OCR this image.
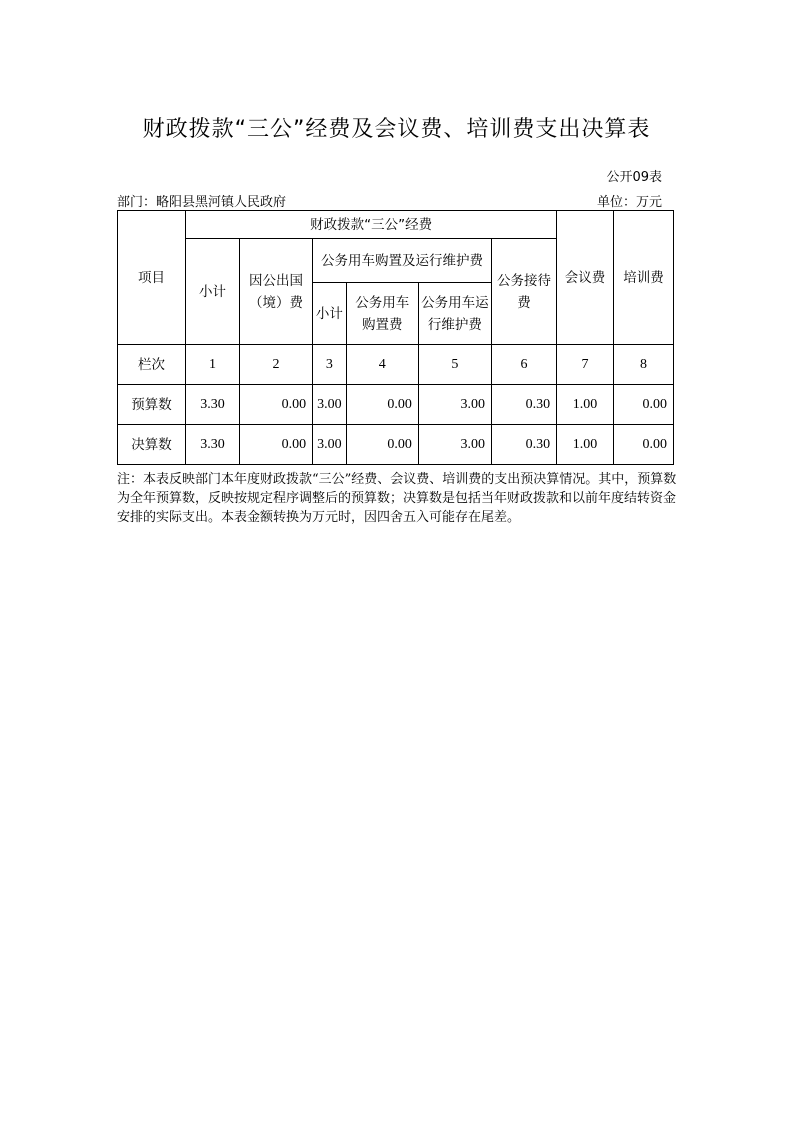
财政拨款“三公”经费及会议费、培训费支出决算表
公开09表
部门：略阳县黑河镇人民政府	单位：万元
项目	财政拨款“三公”经费						会议费	培训费
	小计	因公出国（境）费	公务用车购置及运行维护费			公务接待费		
			小计	公务用车购置费	公务用车运行维护费			
栏次	1	2	3	4	5	6	7	8
预算数	3.30	0.00	3.00	0.00	3.00	0.30	1.00	0.00
决算数	3.30	0.00	3.00	0.00	3.00	0.30	1.00	0.00
注：本表反映部门本年度财政拨款“三公”经费、会议费、培训费的支出预决算情况。其中，预算数为全年预算数，反映按规定程序调整后的预算数；决算数是包括当年财政拨款和以前年度结转资金安排的实际支出。本表金额转换为万元时，因四舍五入可能存在尾差。
